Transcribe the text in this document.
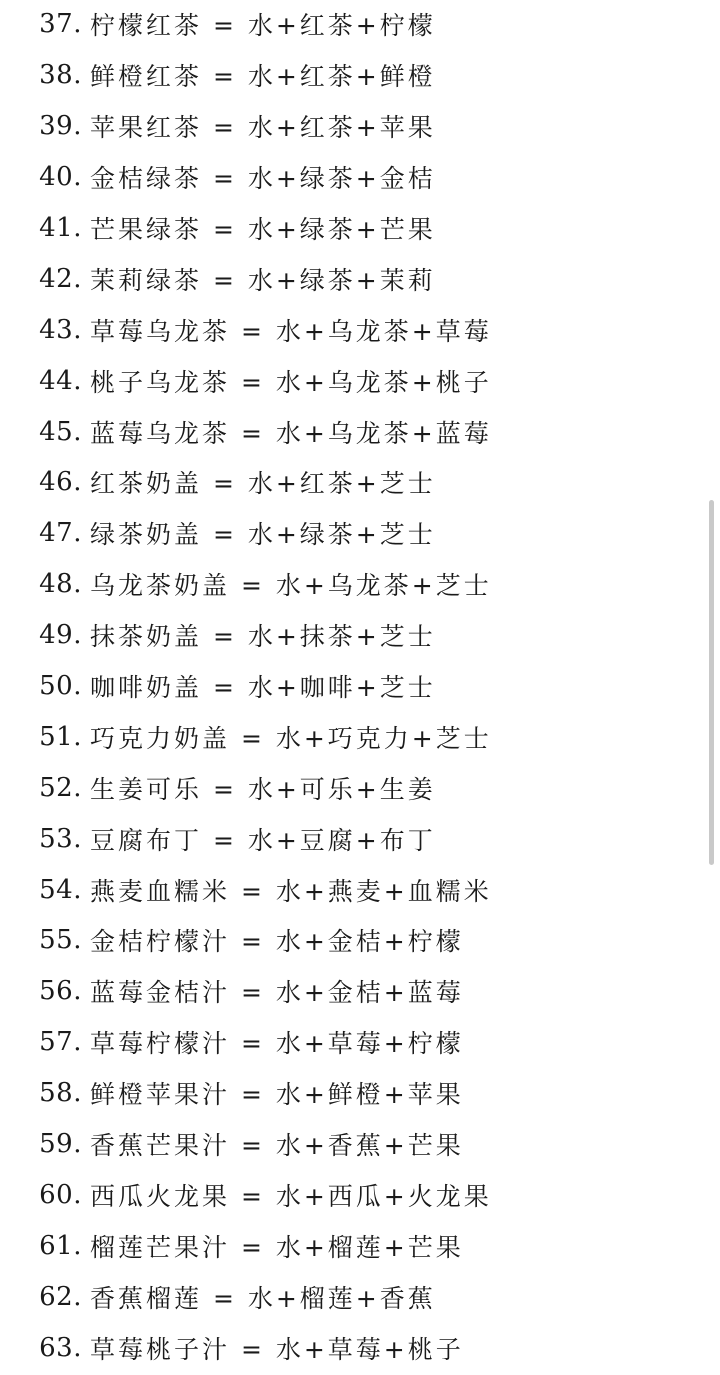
37. 柠檬红茶 = 水+红茶+柠檬
38. 鲜橙红茶 = 水+红茶+鲜橙
39. 苹果红茶 = 水+红茶+苹果
40. 金桔绿茶 = 水+绿茶+金桔
41. 芒果绿茶 = 水+绿茶+芒果
42. 茉莉绿茶 = 水+绿茶+茉莉
43. 草莓乌龙茶 = 水+乌龙茶+草莓
44. 桃子乌龙茶 = 水+乌龙茶+桃子
45. 蓝莓乌龙茶 = 水+乌龙茶+蓝莓
46. 红茶奶盖 = 水+红茶+芝士
47. 绿茶奶盖 = 水+绿茶+芝士
48. 乌龙茶奶盖 = 水+乌龙茶+芝士
49. 抹茶奶盖 = 水+抹茶+芝士
50. 咖啡奶盖 = 水+咖啡+芝士
51. 巧克力奶盖 = 水+巧克力+芝士
52. 生姜可乐 = 水+可乐+生姜
53. 豆腐布丁 = 水+豆腐+布丁
54. 燕麦血糯米 = 水+燕麦+血糯米
55. 金桔柠檬汁 = 水+金桔+柠檬
56. 蓝莓金桔汁 = 水+金桔+蓝莓
57. 草莓柠檬汁 = 水+草莓+柠檬
58. 鲜橙苹果汁 = 水+鲜橙+苹果
59. 香蕉芒果汁 = 水+香蕉+芒果
60. 西瓜火龙果 = 水+西瓜+火龙果
61. 榴莲芒果汁 = 水+榴莲+芒果
62. 香蕉榴莲 = 水+榴莲+香蕉
63. 草莓桃子汁 = 水+草莓+桃子
